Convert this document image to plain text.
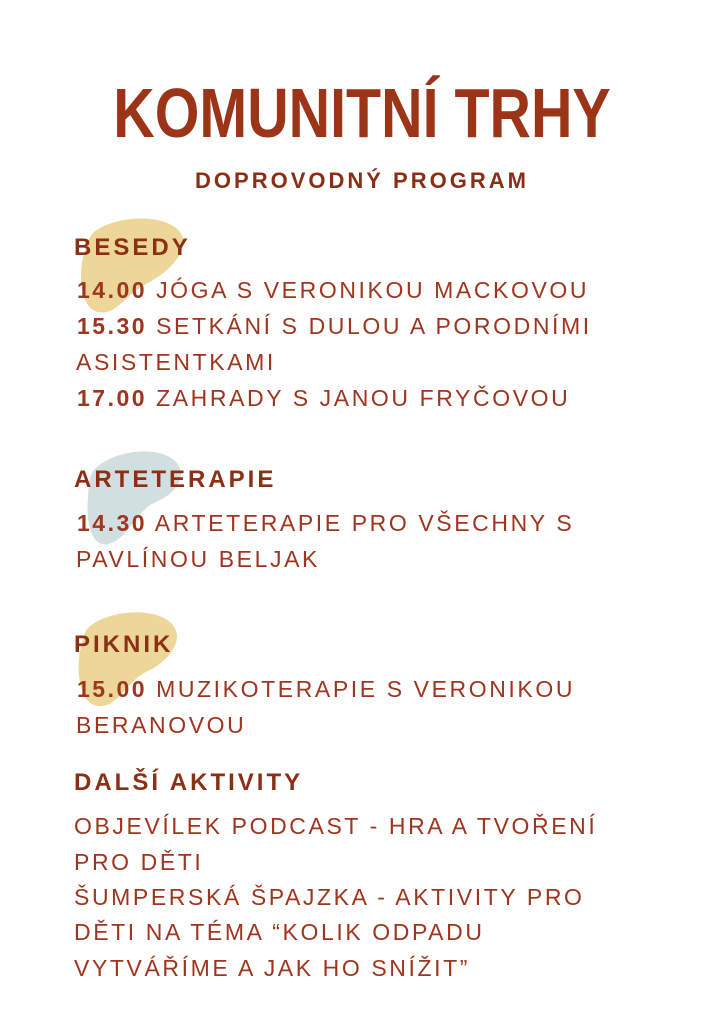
KOMUNITNÍ TRHY
DOPROVODNÝ PROGRAM
BESEDY
14.00 JÓGA S VERONIKOU MACKOVOU
15.30 SETKÁNÍ S DULOU A PORODNÍMI
ASISTENTKAMI
17.00 ZAHRADY S JANOU FRYČOVOU
ARTETERAPIE
14.30 ARTETERAPIE PRO VŠECHNY S
PAVLÍNOU BELJAK
PIKNIK
15.00 MUZIKOTERAPIE S VERONIKOU
BERANOVOU
DALŠÍ AKTIVITY
OBJEVÍLEK PODCAST - HRA A TVOŘENÍ
PRO DĚTI
ŠUMPERSKÁ ŠPAJZKA - AKTIVITY PRO
DĚTI NA TÉMA “KOLIK ODPADU
VYTVÁŘÍME A JAK HO SNÍŽIT”
